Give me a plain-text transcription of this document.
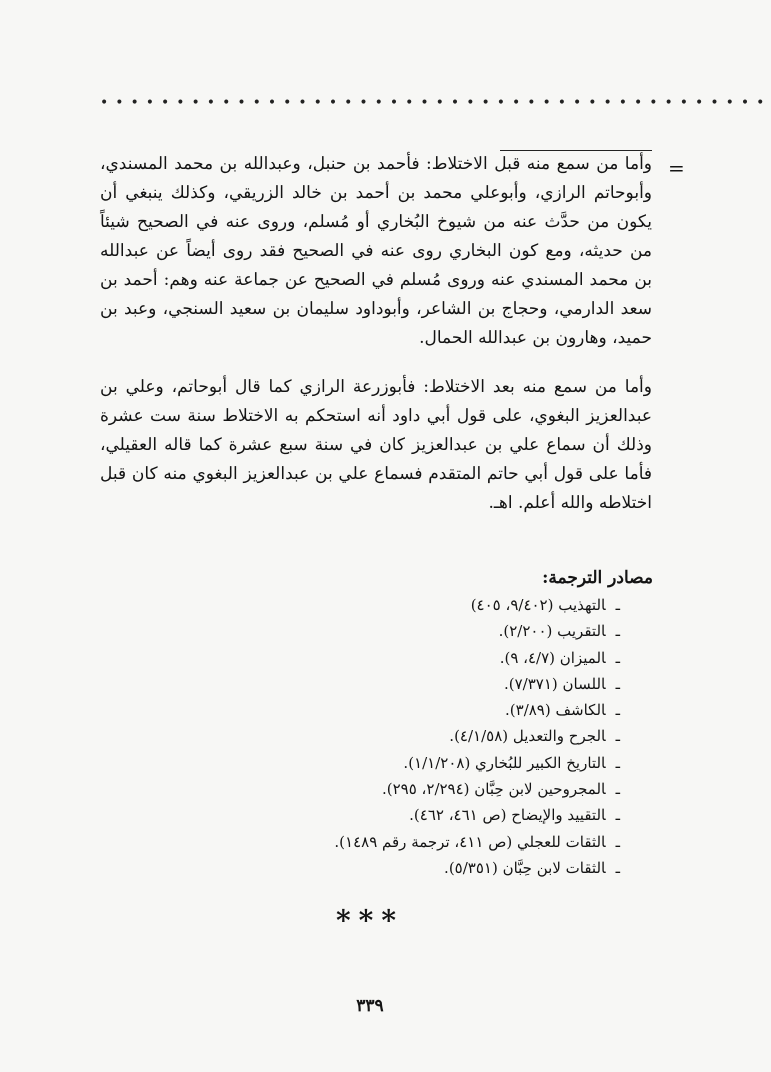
••••••••••••••••••••••••••••••••••••••••••••
=

وأما من سمع منه قبل الاختلاط: فأحمد بن حنبل، وعبدالله بن محمد المسندي، وأبوحاتم الرازي، وأبوعلي محمد بن أحمد بن خالد الزريقي، وكذلك ينبغي أن يكون من حدَّث عنه من شيوخ البُخاري أو مُسلم، وروى عنه في الصحيح شيئاً من حديثه، ومع كون البخاري روى عنه في الصحيح فقد روى أيضاً عن عبدالله بن محمد المسندي عنه وروى مُسلم في الصحيح عن جماعة عنه وهم: أحمد بن سعد الدارمي، وحجاج بن الشاعر، وأبوداود سليمان بن سعيد السنجي، وعبد بن حميد، وهارون بن عبدالله الحمال.

وأما من سمع منه بعد الاختلاط: فأبوزرعة الرازي كما قال أبوحاتم، وعلي بن عبدالعزيز البغوي، على قول أبي داود أنه استحكم به الاختلاط سنة ست عشرة وذلك أن سماع علي بن عبدالعزيز كان في سنة سبع عشرة كما قاله العقيلي، فأما على قول أبي حاتم المتقدم فسماع علي بن عبدالعزيز البغوي منه كان قبل اختلاطه والله أعلم. اهـ.

مصادر الترجمة:
ـ التهذيب (٩/٤٠٢، ٤٠٥)
ـ التقريب (٢/٢٠٠).
ـ الميزان (٤/٧، ٩).
ـ اللسان (٧/٣٧١).
ـ الكاشف (٣/٨٩).
ـ الجرح والتعديل (٤/١/٥٨).
ـ التاريخ الكبير للبُخاري (١/١/٢٠٨).
ـ المجروحين لابن حِبَّان (٢/٢٩٤، ٢٩٥).
ـ التقييد والإيضاح (ص ٤٦١، ٤٦٢).
ـ الثقات للعجلي (ص ٤١١، ترجمة رقم ١٤٨٩).
ـ الثقات لابن حِبَّان (٥/٣٥١).
***
٣٣٩
